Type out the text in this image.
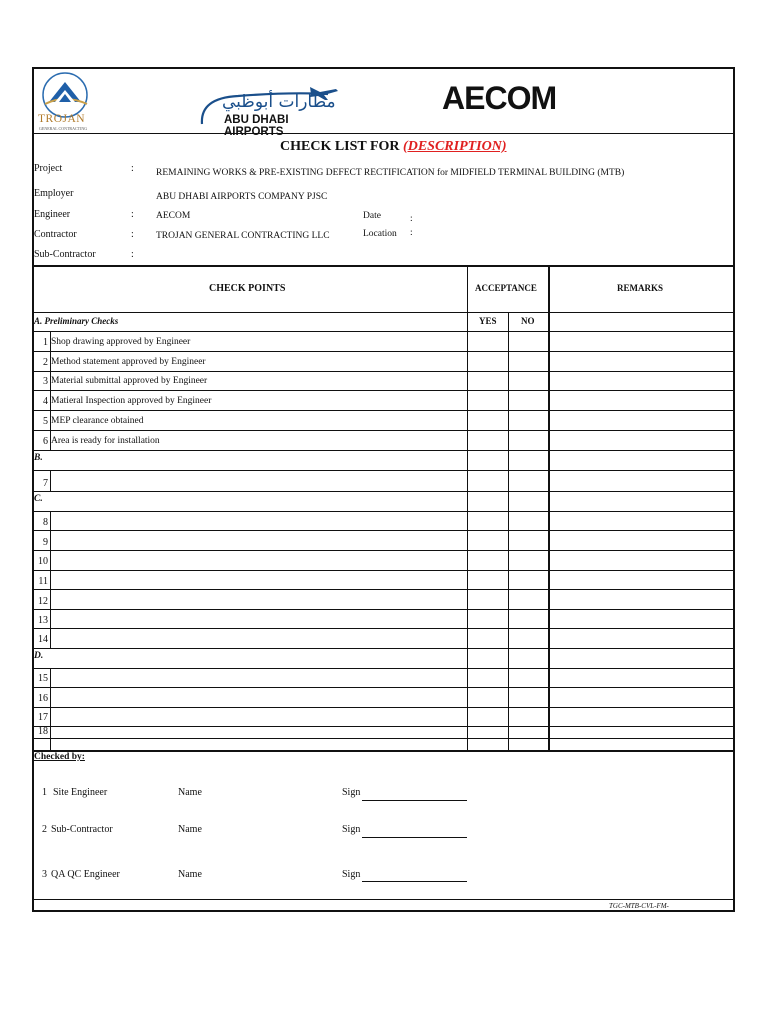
TROJAN
GENERAL CONTRACTING
مطارات أبوظبي
ABU DHABI AIRPORTS
AECOM
CHECK LIST FOR (DESCRIPTION)
Project	: REMAINING WORKS & PRE-EXISTING DEFECT RECTIFICATION for MIDFIELD TERMINAL BUILDING (MTB)
Employer	ABU DHABI AIRPORTS COMPANY PJSC
Engineer	: AECOM	Date	:
Contractor	: TROJAN GENERAL CONTRACTING LLC	Location :
Sub-Contractor	:
CHECK POINTS	ACCEPTANCE	REMARKS
A. Preliminary Checks	YES	NO
1 Shop drawing approved by Engineer
2 Method statement approved by Engineer
3 Material submittal approved by Engineer
4 Matieral Inspection approved by Engineer
5 MEP clearance obtained
6 Area is ready for installation
B.
7
C.
8
9
10
11
12
13
14
D.
15
16
17
18
Checked by:
1 Site Engineer	Name	Sign
2 Sub-Contractor	Name	Sign
3 QA QC Engineer	Name	Sign
TGC-MTB-CVL-FM-
